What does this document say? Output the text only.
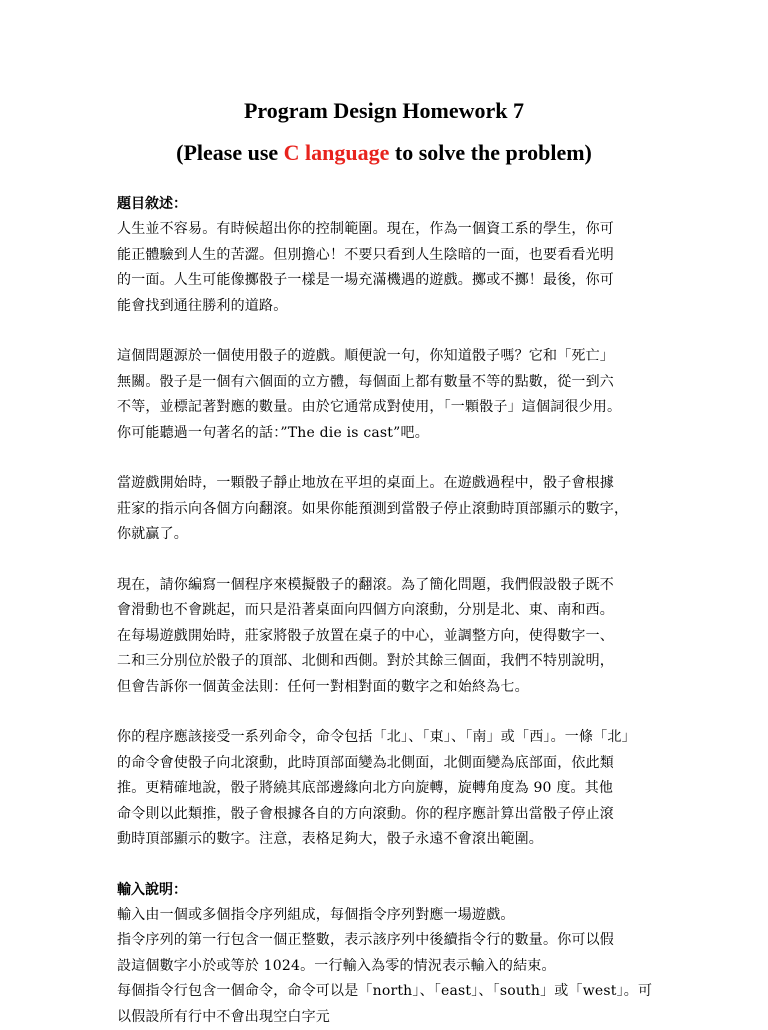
Program Design Homework 7
(Please use C language to solve the problem)

題目敘述：

人生並不容易。有時候超出你的控制範圍。現在，作為一個資工系的學生，你可
能正體驗到人生的苦澀。但別擔心！不要只看到人生陰暗的一面，也要看看光明
的一面。人生可能像擲骰子一樣是一場充滿機遇的遊戲。擲或不擲！最後，你可
能會找到通往勝利的道路。
這個問題源於一個使用骰子的遊戲。順便說一句，你知道骰子嗎？它和「死亡」
無關。骰子是一個有六個面的立方體，每個面上都有數量不等的點數，從一到六
不等，並標記著對應的數量。由於它通常成對使用，「一顆骰子」這個詞很少用。
你可能聽過一句著名的話：”The die is cast”吧。
當遊戲開始時，一顆骰子靜止地放在平坦的桌面上。在遊戲過程中，骰子會根據
莊家的指示向各個方向翻滾。如果你能預測到當骰子停止滾動時頂部顯示的數字，
你就贏了。
現在，請你編寫一個程序來模擬骰子的翻滾。為了簡化問題，我們假設骰子既不
會滑動也不會跳起，而只是沿著桌面向四個方向滾動，分別是北、東、南和西。
在每場遊戲開始時，莊家將骰子放置在桌子的中心，並調整方向，使得數字一、
二和三分別位於骰子的頂部、北側和西側。對於其餘三個面，我們不特別說明，
但會告訴你一個黃金法則：任何一對相對面的數字之和始終為七。
你的程序應該接受一系列命令，命令包括「北」、「東」、「南」或「西」。一條「北」
的命令會使骰子向北滾動，此時頂部面變為北側面，北側面變為底部面，依此類
推。更精確地說，骰子將繞其底部邊緣向北方向旋轉，旋轉角度為 90 度。其他
命令則以此類推，骰子會根據各自的方向滾動。你的程序應計算出當骰子停止滾
動時頂部顯示的數字。注意，表格足夠大，骰子永遠不會滾出範圍。

輸入說明：

輸入由一個或多個指令序列組成，每個指令序列對應一場遊戲。
指令序列的第一行包含一個正整數，表示該序列中後續指令行的數量。你可以假
設這個數字小於或等於 1024。一行輸入為零的情況表示輸入的結束。
每個指令行包含一個命令，命令可以是「north」、「east」、「south」或「west」。可
以假設所有行中不會出現空白字元
